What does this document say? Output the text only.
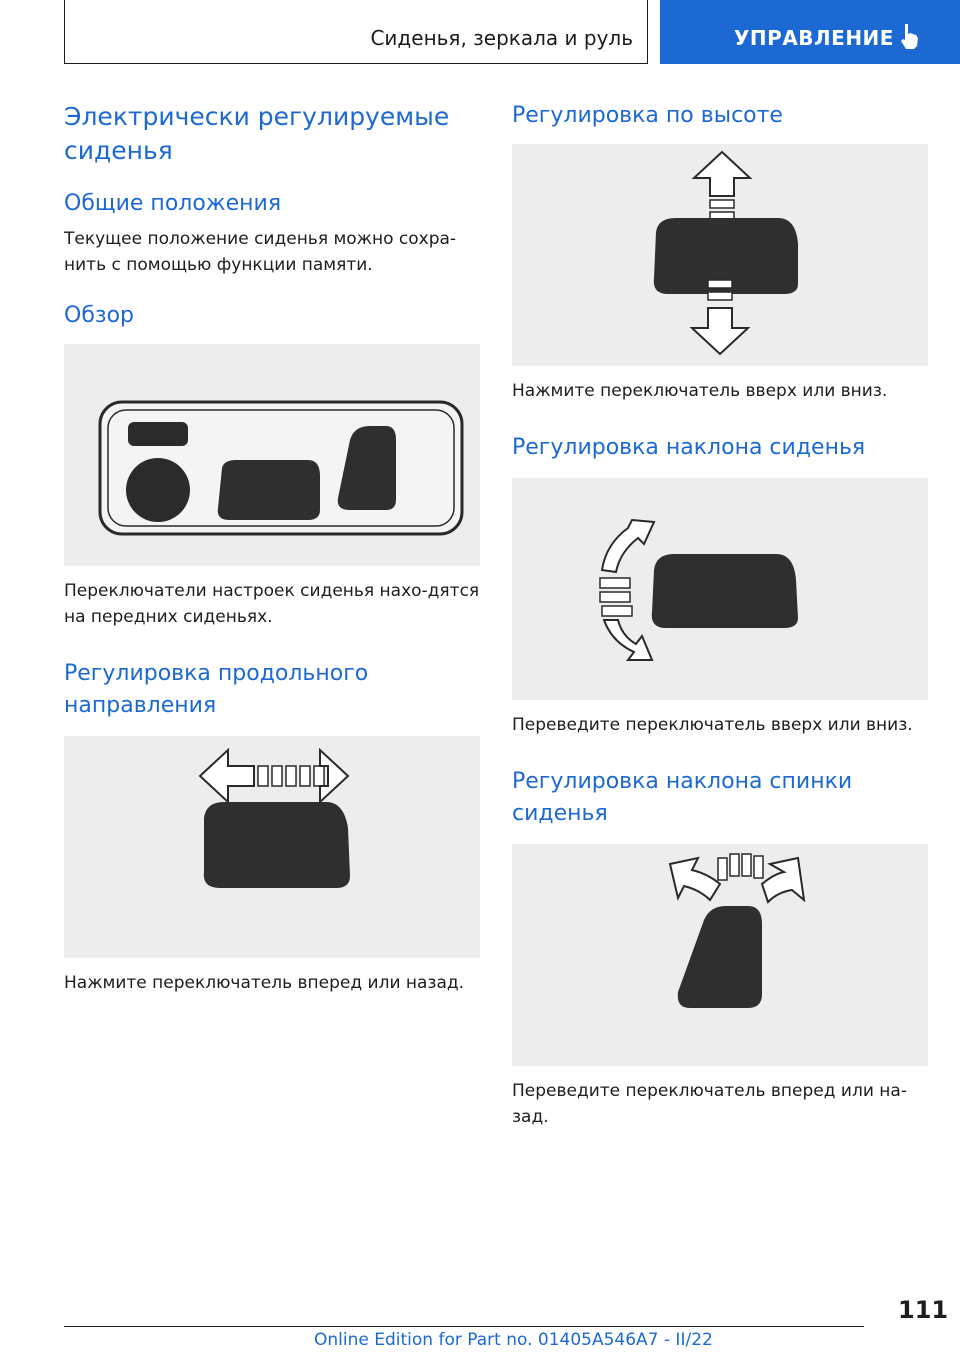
Сиденья, зеркала и руль	УПРАВЛЕНИЕ
Электрически регулируемые сиденья
Общие положения

Текущее положение сиденья можно сохра-нить с помощью функции памяти.

Обзор

Переключатели настроек сиденья нахо-дятся на передних сиденьях.

Регулировка продольного направления

Нажмите переключатель вперед или назад.

Регулировка по высоте

Нажмите переключатель вверх или вниз.

Регулировка наклона сиденья

Переведите переключатель вверх или вниз.

Регулировка наклона спинки сиденья

Переведите переключатель вперед или на-зад.

111
Online Edition for Part no. 01405A546A7 - II/22
